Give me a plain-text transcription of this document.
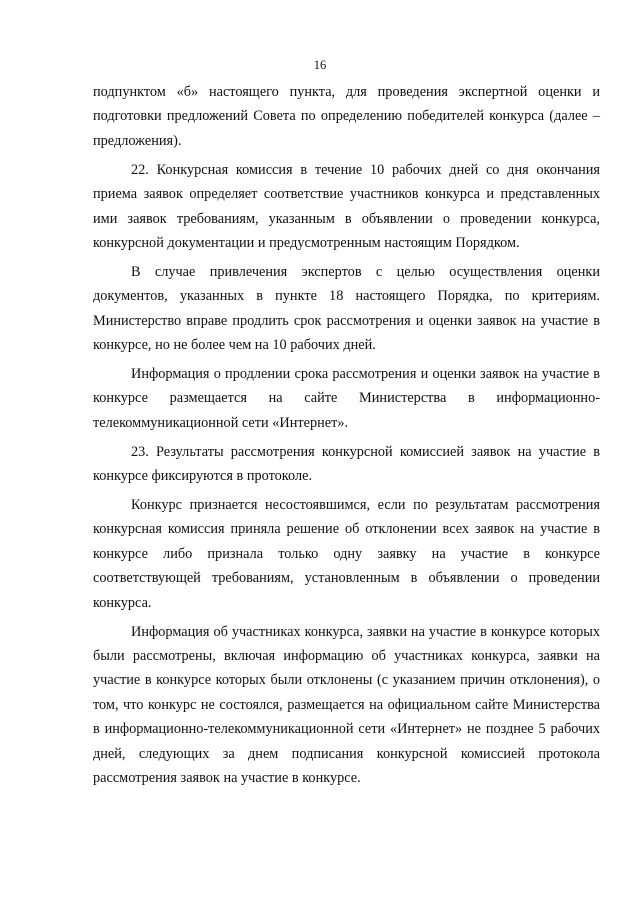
16

подпунктом «б» настоящего пункта, для проведения экспертной оценки и подготовки предложений Совета по определению победителей конкурса (далее – предложения).

22. Конкурсная комиссия в течение 10 рабочих дней со дня окончания приема заявок определяет соответствие участников конкурса и представленных ими заявок требованиям, указанным в объявлении о проведении конкурса, конкурсной документации и предусмотренным настоящим Порядком.

В случае привлечения экспертов с целью осуществления оценки документов, указанных в пункте 18 настоящего Порядка, по критериям. Министерство вправе продлить срок рассмотрения и оценки заявок на участие в конкурсе, но не более чем на 10 рабочих дней.

Информация о продлении срока рассмотрения и оценки заявок на участие в конкурсе размещается на сайте Министерства в информационно-телекоммуникационной сети «Интернет».

23. Результаты рассмотрения конкурсной комиссией заявок на участие в конкурсе фиксируются в протоколе.

Конкурс признается несостоявшимся, если по результатам рассмотрения конкурсная комиссия приняла решение об отклонении всех заявок на участие в конкурсе либо признала только одну заявку на участие в конкурсе соответствующей требованиям, установленным в объявлении о проведении конкурса.

Информация об участниках конкурса, заявки на участие в конкурсе которых были рассмотрены, включая информацию об участниках конкурса, заявки на участие в конкурсе которых были отклонены (с указанием причин отклонения), о том, что конкурс не состоялся, размещается на официальном сайте Министерства в информационно-телекоммуникационной сети «Интернет» не позднее 5 рабочих дней, следующих за днем подписания конкурсной комиссией протокола рассмотрения заявок на участие в конкурсе.
